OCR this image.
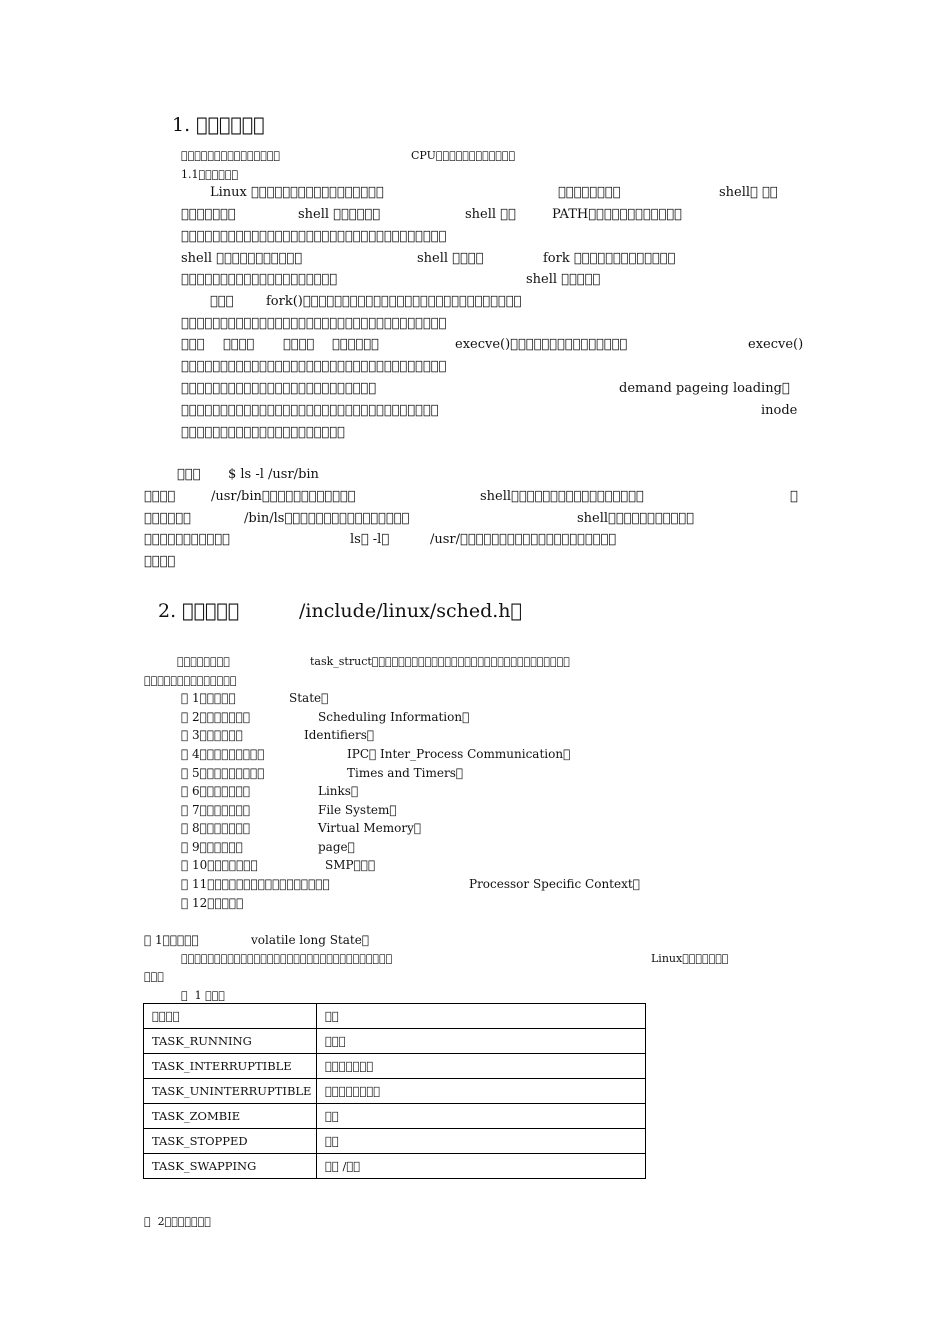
1. 󿿽󿿽󿿽󿿽󿿽󿿽
󿿽󿿽󿿽󿿽󿿽󿿽󿿽󿿽󿿽󿿽󿿽󿿽󿿽󿿽󿿽	CPU󿿽󿿽󿿽󿿽󿿽󿿽󿿽󿿽󿿽󿿽󿿽󿿽
1.1󿿽󿿽󿿽󿿽󿿽󿿽
Linux 󿿽󿿽󿿽󿿽󿿽󿿽󿿽󿿽󿿽󿿽󿿽󿿽󿿽󿿽󿿽󿿽󿿽	󿿽󿿽󿿽󿿽󿿽󿿽󿿽󿿽	shell󿿽 󿿽󿿽
󿿽󿿽󿿽󿿽󿿽󿿽󿿽	shell 󿿽󿿽󿿽󿿽󿿽󿿽	shell 󿿽󿿽	PATH󿿽󿿽󿿽󿿽󿿽󿿽󿿽󿿽󿿽󿿽󿿽󿿽
󿿽󿿽󿿽󿿽󿿽󿿽󿿽󿿽󿿽󿿽󿿽󿿽󿿽󿿽󿿽󿿽󿿽󿿽󿿽󿿽󿿽󿿽󿿽󿿽󿿽󿿽󿿽󿿽󿿽󿿽󿿽󿿽󿿽󿿽
shell 󿿽󿿽󿿽󿿽󿿽󿿽󿿽󿿽󿿽󿿽󿿽	shell 󿿽󿿽󿿽󿿽	fork 󿿽󿿽󿿽󿿽󿿽󿿽󿿽󿿽󿿽󿿽󿿽󿿽󿿽
󿿽󿿽󿿽󿿽󿿽󿿽󿿽󿿽󿿽󿿽󿿽󿿽󿿽󿿽󿿽󿿽󿿽󿿽󿿽󿿽	shell 󿿽󿿽󿿽󿿽󿿽
󿿽󿿽󿿽	fork()󿿽󿿽󿿽󿿽󿿽󿿽󿿽󿿽󿿽󿿽󿿽󿿽󿿽󿿽󿿽󿿽󿿽󿿽󿿽󿿽󿿽󿿽󿿽󿿽󿿽󿿽󿿽󿿽
󿿽󿿽󿿽󿿽󿿽󿿽󿿽󿿽󿿽󿿽󿿽󿿽󿿽󿿽󿿽󿿽󿿽󿿽󿿽󿿽󿿽󿿽󿿽󿿽󿿽󿿽󿿽󿿽󿿽󿿽󿿽󿿽󿿽󿿽
󿿽󿿽󿿽 󿿽󿿽󿿽󿿽 󿿽󿿽󿿽󿿽 󿿽󿿽󿿽󿿽󿿽󿿽	execve()󿿽󿿽󿿽󿿽󿿽󿿽󿿽󿿽󿿽󿿽󿿽󿿽󿿽󿿽󿿽	execve()
󿿽󿿽󿿽󿿽󿿽󿿽󿿽󿿽󿿽󿿽󿿽󿿽󿿽󿿽󿿽󿿽󿿽󿿽󿿽󿿽󿿽󿿽󿿽󿿽󿿽󿿽󿿽󿿽󿿽󿿽󿿽󿿽󿿽󿿽
󿿽󿿽󿿽󿿽󿿽󿿽󿿽󿿽󿿽󿿽󿿽󿿽󿿽󿿽󿿽󿿽󿿽󿿽󿿽󿿽󿿽󿿽󿿽󿿽󿿽	demand pageing loading󿿽
󿿽󿿽󿿽󿿽󿿽󿿽󿿽󿿽󿿽󿿽󿿽󿿽󿿽󿿽󿿽󿿽󿿽󿿽󿿽󿿽󿿽󿿽󿿽󿿽󿿽󿿽󿿽󿿽󿿽󿿽󿿽󿿽󿿽	inode
󿿽󿿽󿿽󿿽󿿽󿿽󿿽󿿽󿿽󿿽󿿽󿿽󿿽󿿽󿿽󿿽󿿽󿿽󿿽󿿽󿿽
󿿽󿿽󿿽 $ ls -l /usr/bin
󿿽󿿽󿿽󿿽	/usr/bin󿿽󿿽󿿽󿿽󿿽󿿽󿿽󿿽󿿽󿿽󿿽󿿽	shell󿿽󿿽󿿽󿿽󿿽󿿽󿿽󿿽󿿽󿿽󿿽󿿽󿿽󿿽󿿽󿿽󿿽	󿿽
󿿽󿿽󿿽󿿽󿿽󿿽	/bin/ls󿿽󿿽󿿽󿿽󿿽󿿽󿿽󿿽󿿽󿿽󿿽󿿽󿿽󿿽󿿽󿿽	shell󿿽󿿽󿿽󿿽󿿽󿿽󿿽󿿽󿿽󿿽󿿽
󿿽󿿽󿿽󿿽󿿽󿿽󿿽󿿽󿿽󿿽󿿽	ls󿿽 -l󿿽	/usr/󿿽󿿽󿿽󿿽󿿽󿿽󿿽󿿽󿿽󿿽󿿽󿿽󿿽󿿽󿿽󿿽󿿽󿿽󿿽󿿽
󿿽󿿽󿿽󿿽
2. 󿿽󿿽󿿽󿿽󿿽	/include/linux/sched.h󿿽
󿿽󿿽󿿽󿿽󿿽󿿽󿿽󿿽	task_struct󿿽󿿽󿿽󿿽󿿽󿿽󿿽󿿽󿿽󿿽󿿽󿿽󿿽󿿽󿿽󿿽󿿽󿿽󿿽󿿽󿿽󿿽󿿽󿿽󿿽󿿽󿿽󿿽󿿽󿿽
󿿽󿿽󿿽󿿽󿿽󿿽󿿽󿿽󿿽󿿽󿿽󿿽󿿽󿿽
󿿽 1󿿽󿿽󿿽󿿽󿿽	State󿿽
󿿽 2󿿽󿿽󿿽󿿽󿿽󿿽󿿽	Scheduling Information󿿽
󿿽 3󿿽󿿽󿿽󿿽󿿽󿿽	Identifiers󿿽
󿿽 4󿿽󿿽󿿽󿿽󿿽󿿽󿿽󿿽󿿽	IPC󿿽 Inter_Process Communication󿿽
󿿽 5󿿽󿿽󿿽󿿽󿿽󿿽󿿽󿿽󿿽	Times and Timers󿿽
󿿽 6󿿽󿿽󿿽󿿽󿿽󿿽󿿽	Links󿿽
󿿽 7󿿽󿿽󿿽󿿽󿿽󿿽󿿽	File System󿿽
󿿽 8󿿽󿿽󿿽󿿽󿿽󿿽󿿽	Virtual Memory󿿽
󿿽 9󿿽󿿽󿿽󿿽󿿽󿿽	page󿿽
󿿽 10󿿽󿿽󿿽󿿽󿿽󿿽󿿽	SMP󿿽󿿽󿿽
󿿽 11󿿽󿿽󿿽󿿽󿿽󿿽󿿽󿿽󿿽󿿽󿿽󿿽󿿽󿿽󿿽󿿽󿿽	Processor Specific Context󿿽
󿿽 12󿿽󿿽󿿽󿿽󿿽
󿿽 1󿿽󿿽󿿽󿿽󿿽	volatile long State󿿽
󿿽󿿽󿿽󿿽󿿽󿿽󿿽󿿽󿿽󿿽󿿽󿿽󿿽󿿽󿿽󿿽󿿽󿿽󿿽󿿽󿿽󿿽󿿽󿿽󿿽󿿽󿿽󿿽󿿽󿿽󿿽󿿽	Linux󿿽󿿽󿿽󿿽󿿽󿿽󿿽
󿿽󿿽󿿽
󿿽  1 󿿽󿿽󿿽
󿿽󿿽󿿽󿿽	󿿽󿿽
TASK_RUNNING	󿿽󿿽󿿽
TASK_INTERRUPTIBLE	󿿽󿿽󿿽󿿽󿿽󿿽󿿽
TASK_UNINTERRUPTIBLE	󿿽󿿽󿿽󿿽󿿽󿿽󿿽󿿽
TASK_ZOMBIE	󿿽󿿽
TASK_STOPPED	󿿽󿿽
TASK_SWAPPING	󿿽󿿽 /󿿽󿿽
󿿽  2󿿽󿿽󿿽󿿽󿿽󿿽󿿽
